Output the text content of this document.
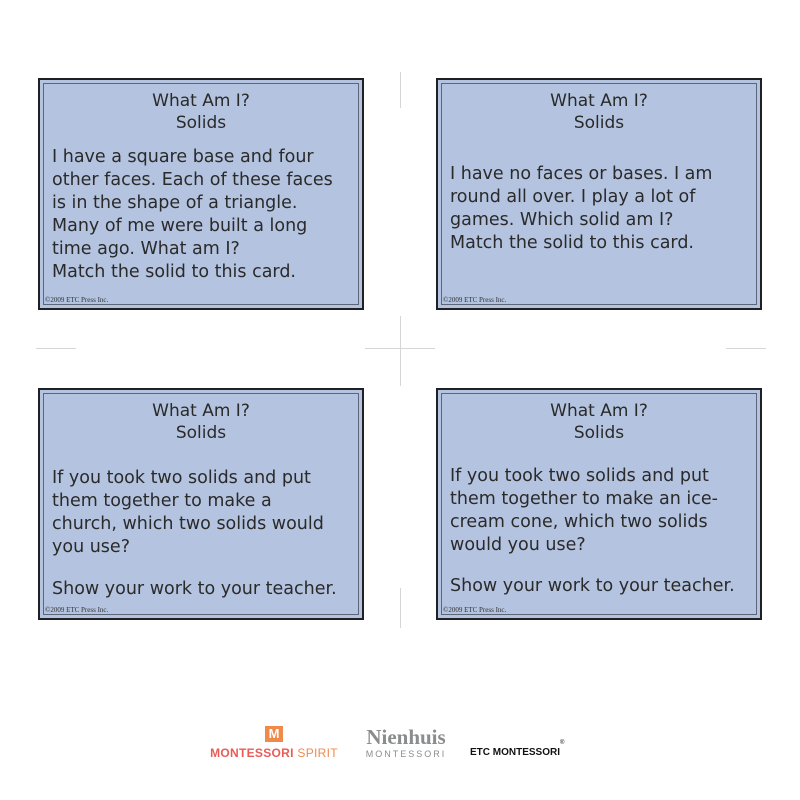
What Am I?
Solids

I have a square base and four
other faces. Each of these faces
is in the shape of a triangle.
Many of me were built a long
time ago. What am I?
Match the solid to this card.

©2009 ETC Press Inc.
What Am I?
Solids

I have no faces or bases. I am
round all over. I play a lot of
games. Which solid am I?
Match the solid to this card.

©2009 ETC Press Inc.
What Am I?
Solids

If you took two solids and put
them together to make a
church, which two solids would
you use?

Show your work to your teacher.

©2009 ETC Press Inc.
What Am I?
Solids

If you took two solids and put
them together to make an ice-
cream cone, which two solids
would you use?

Show your work to your teacher.

©2009 ETC Press Inc.
M
MONTESSORI SPIRIT
Nienhuis
MONTESSORI	ETC MONTESSORI®
